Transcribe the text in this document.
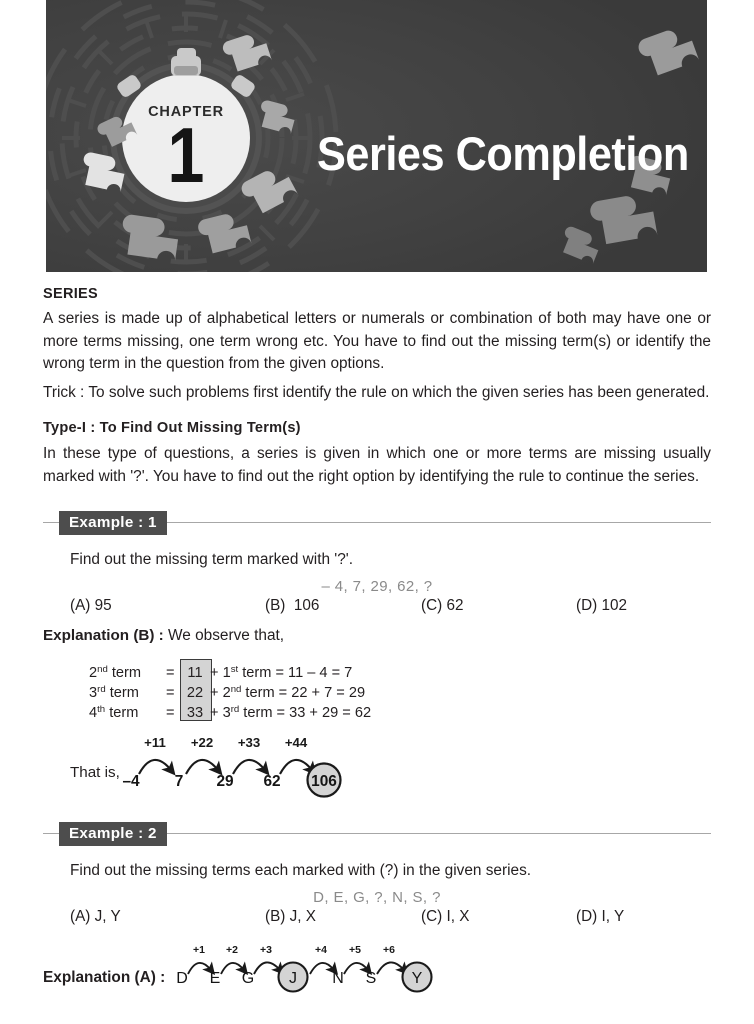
CHAPTER
1	Series Completion
SERIES

A series is made up of alphabetical letters or numerals or combination of both may have one or more terms missing, one term wrong etc. You have to find out the missing term(s) or identify the wrong term in the question from the given options.

Trick : To solve such problems first identify the rule on which the given series has been generated.

Type-I : To Find Out Missing Term(s)

In these type of questions, a series is given in which one or more terms are missing usually marked with '?'. You have to find out the right option by identifying the rule to continue the series.

Example : 1

Find out the missing term marked with '?'.

– 4, 7, 29, 62, ?

(A) 95	(B) 106	(C) 62	(D) 102

Explanation (B) : We observe that,

2nd term = 11 + 1st term = 11 – 4 = 7
3rd term = 22 + 2nd term = 22 + 7 = 29
4th term = 33 + 3rd term = 33 + 29 = 62
That is,
+11 +22 +33 +44
–4 7 29 62 106
Example : 2

Find out the missing terms each marked with (?) in the given series.

D, E, G, ?, N, S, ?

(A) J, Y	(B) J, X	(C) I, X	(D) I, Y
Explanation (A) :
+1 +2 +3	+4 +5 +6
D E G J N S Y
